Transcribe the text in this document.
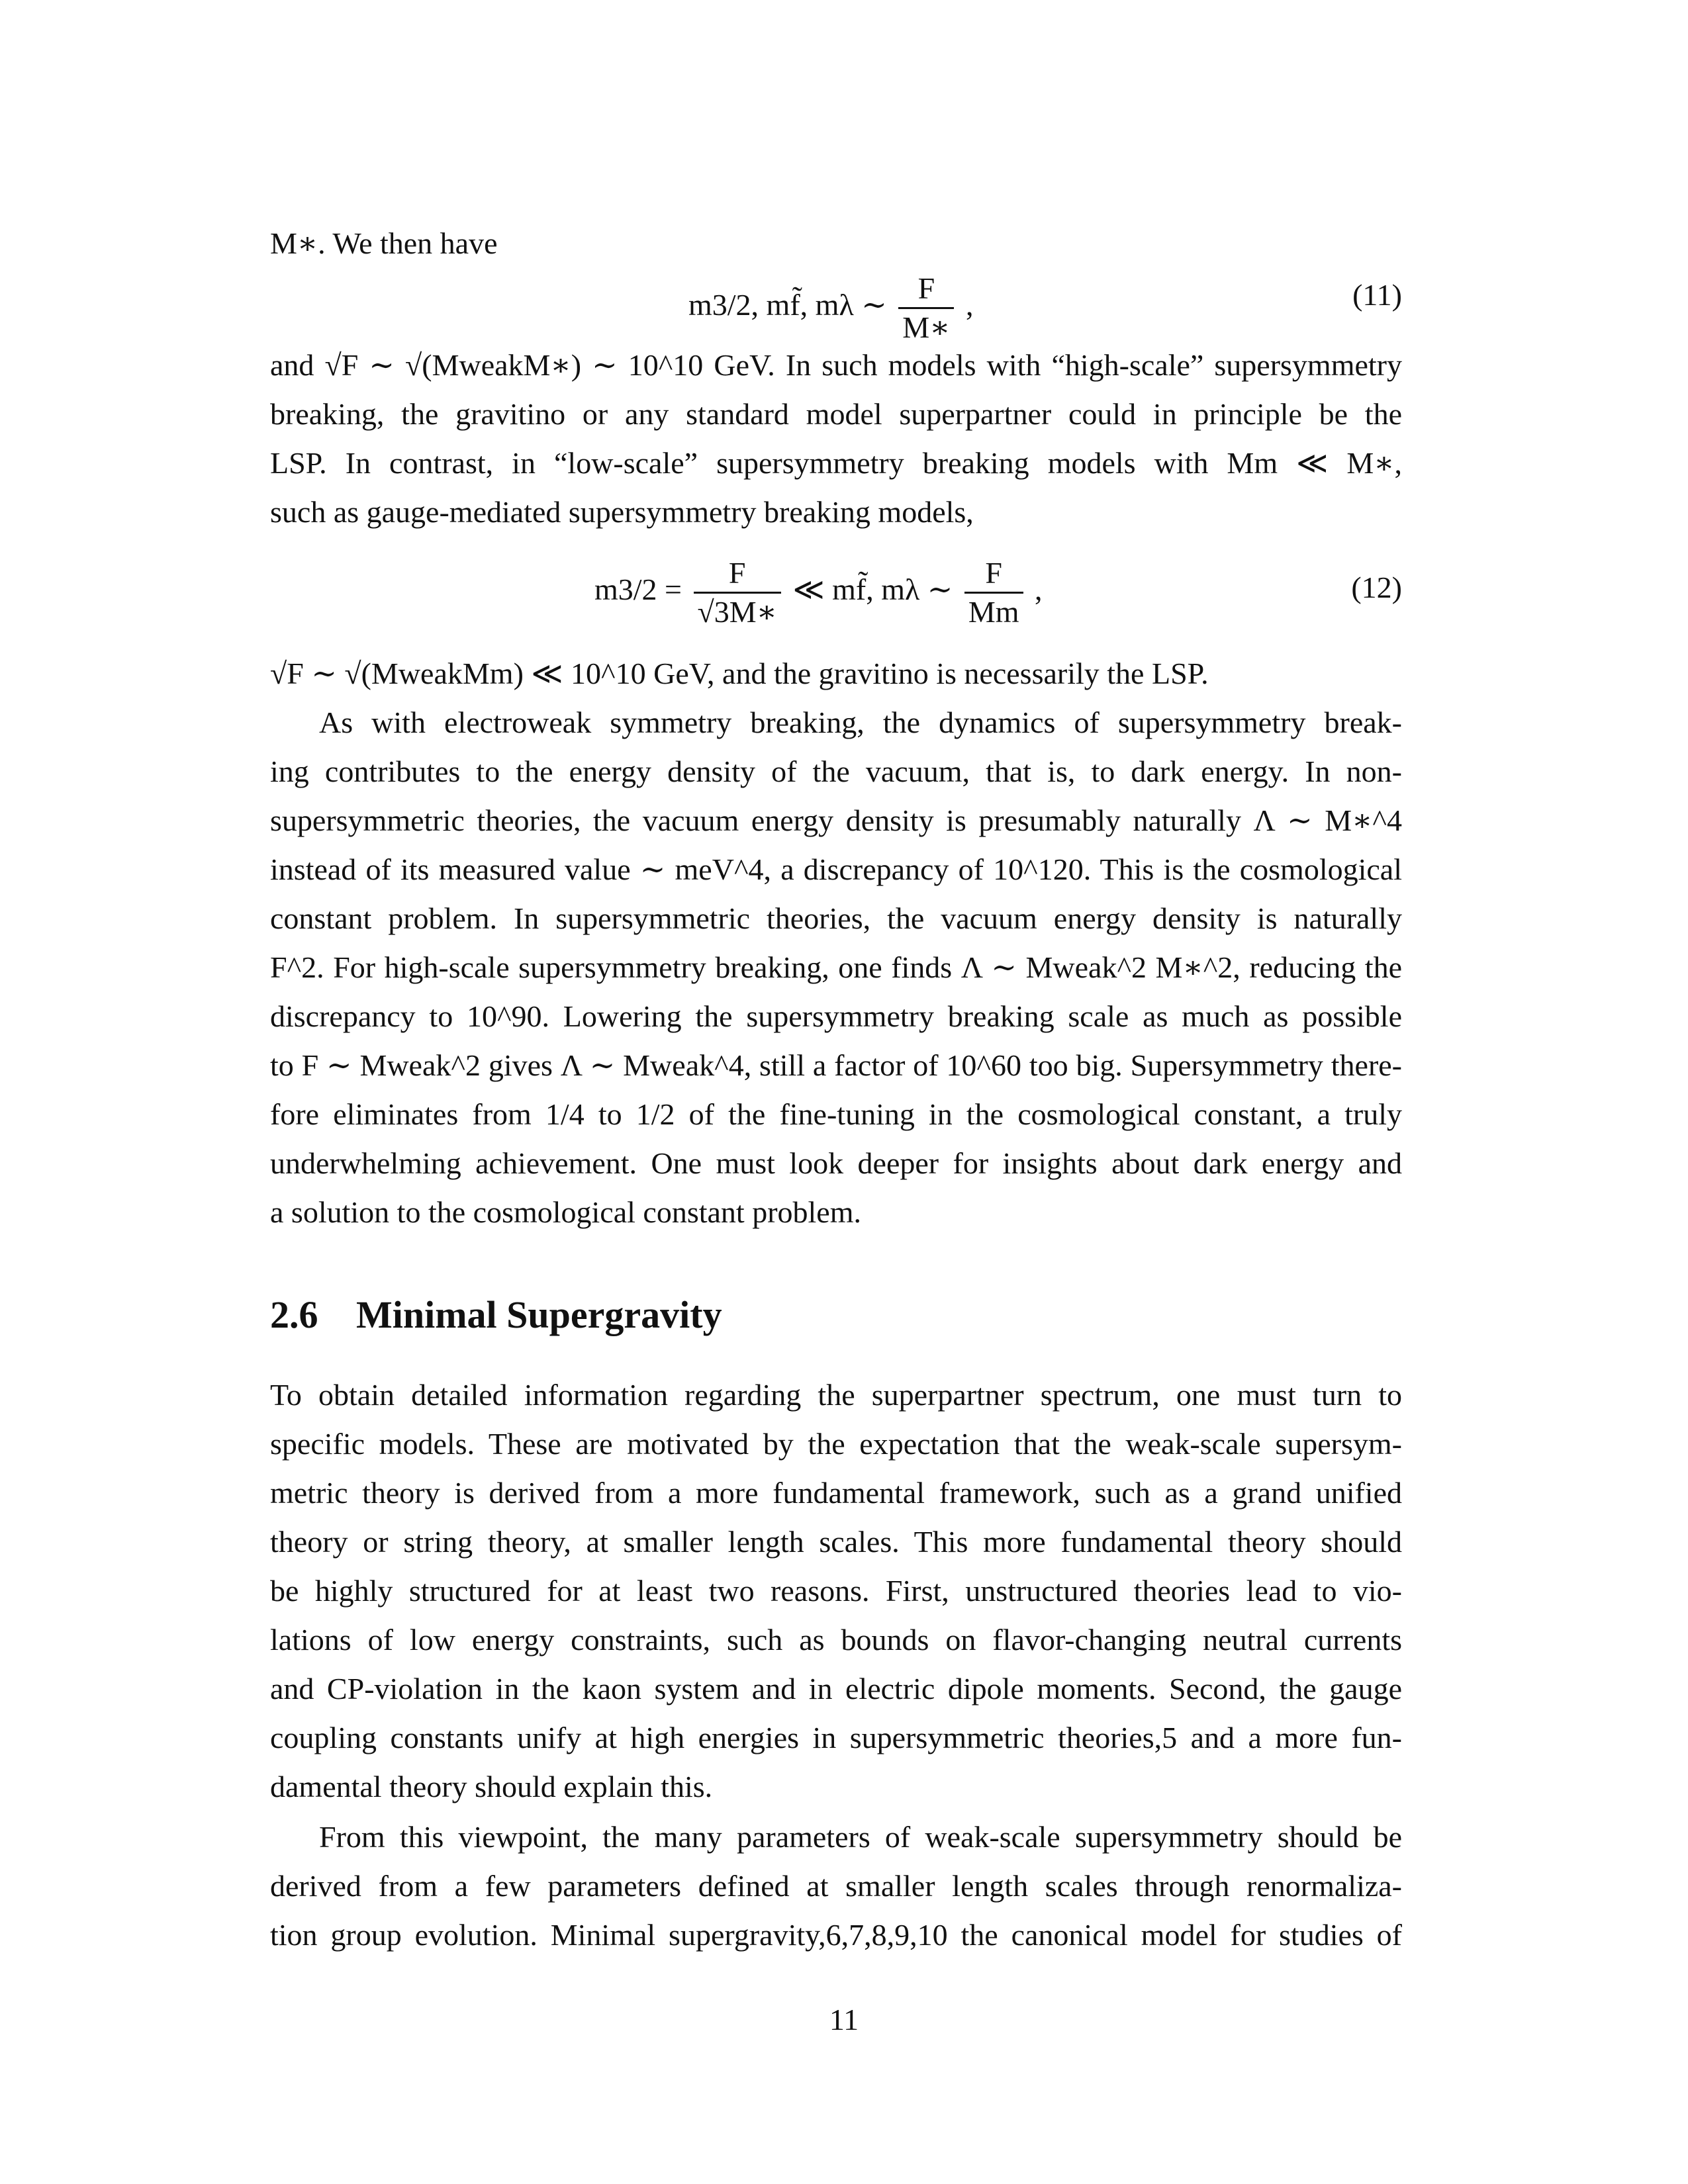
M∗. We then have
m3/2, mf̃, mλ ∼ $\frac{F}{M∗}$ ,	(11)
and √F ∼ √(MweakM∗) ∼ 10^10 GeV. In such models with “high-scale” supersymmetry
breaking, the gravitino or any standard model superpartner could in principle be the
LSP. In contrast, in “low-scale” supersymmetry breaking models with Mm ≪ M∗,
such as gauge-mediated supersymmetry breaking models,
$m3/2 = \frac{F}{√3M∗}$ ≪ mf̃, mλ ∼ $\frac{F}{Mm}$ ,	(12)
√F ∼ √(MweakMm) ≪ 10^10 GeV, and the gravitino is necessarily the LSP.
As with electroweak symmetry breaking, the dynamics of supersymmetry break-
ing contributes to the energy density of the vacuum, that is, to dark energy. In non-
supersymmetric theories, the vacuum energy density is presumably naturally Λ ∼ M∗^4
instead of its measured value ∼ meV^4, a discrepancy of 10^120. This is the cosmological
constant problem. In supersymmetric theories, the vacuum energy density is naturally
F^2. For high-scale supersymmetry breaking, one finds Λ ∼ Mweak^2 M∗^2, reducing the
discrepancy to 10^90. Lowering the supersymmetry breaking scale as much as possible
to F ∼ Mweak^2 gives Λ ∼ Mweak^4, still a factor of 10^60 too big. Supersymmetry there-
fore eliminates from 1/4 to 1/2 of the fine-tuning in the cosmological constant, a truly
underwhelming achievement. One must look deeper for insights about dark energy and
a solution to the cosmological constant problem.
2.6 Minimal Supergravity
To obtain detailed information regarding the superpartner spectrum, one must turn to
specific models. These are motivated by the expectation that the weak-scale supersym-
metric theory is derived from a more fundamental framework, such as a grand unified
theory or string theory, at smaller length scales. This more fundamental theory should
be highly structured for at least two reasons. First, unstructured theories lead to vio-
lations of low energy constraints, such as bounds on flavor-changing neutral currents
and CP-violation in the kaon system and in electric dipole moments. Second, the gauge
coupling constants unify at high energies in supersymmetric theories,5 and a more fun-
damental theory should explain this.
From this viewpoint, the many parameters of weak-scale supersymmetry should be
derived from a few parameters defined at smaller length scales through renormaliza-
tion group evolution. Minimal supergravity,6,7,8,9,10 the canonical model for studies of
11
